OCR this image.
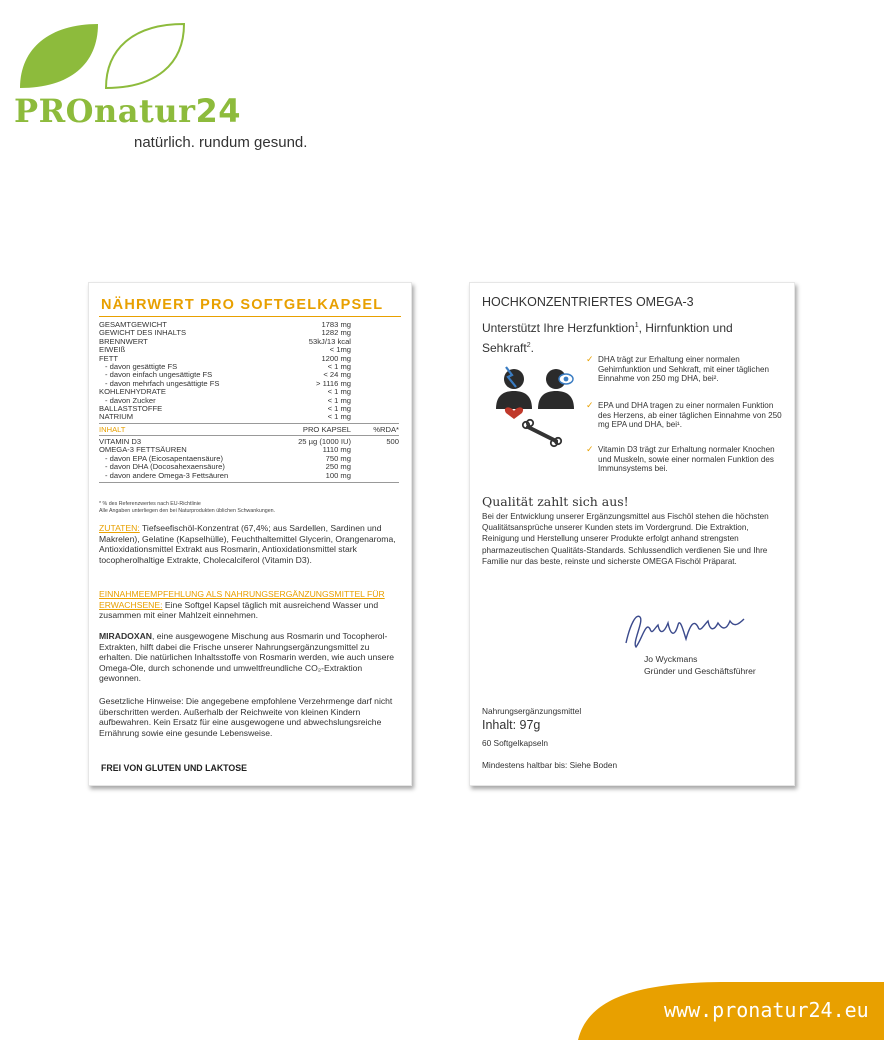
PROnatur24
natürlich. rundum gesund.
NÄHRWERT PRO SOFTGELKAPSEL
GESAMTGEWICHT	1783 mg
GEWICHT DES INHALTS	1282 mg
BRENNWERT	53kJ/13 kcal
EIWEIß	< 1mg
FETT	1200 mg
- davon gesättigte FS	< 1 mg
- davon einfach ungesättigte FS	< 24 mg
- davon mehrfach ungesättigte FS	> 1116 mg
KOHLENHYDRATE	< 1 mg
- davon Zucker	< 1 mg
BALLASTSTOFFE	< 1 mg
NATRIUM	< 1 mg
INHALT	PRO KAPSEL	%RDA*
VITAMIN D3	25 µg (1000 IU)	500
OMEGA-3 FETTSÄUREN	1110 mg
- davon EPA (Eicosapentaensäure)	750 mg
- davon DHA (Docosahexaensäure)	250 mg
- davon andere Omega-3 Fettsäuren	100 mg
* % des Referenzwertes nach EU-Richtlinie
Alle Angaben unterliegen den bei Naturprodukten üblichen Schwankungen.
ZUTATEN: Tiefseefischöl-Konzentrat (67,4%; aus Sardellen, Sardinen und Makrelen), Gelatine (Kapselhülle), Feuchthaltemittel Glycerin, Orangenaroma, Antioxidationsmittel Extrakt aus Rosmarin, Antioxidationsmittel stark tocopherolhaltige Extrakte, Cholecalciferol (Vitamin D3).
EINNAHMEEMPFEHLUNG ALS NAHRUNGSERGÄNZUNGSMITTEL FÜR ERWACHSENE: Eine Softgel Kapsel täglich mit ausreichend Wasser und zusammen mit einer Mahlzeit einnehmen.
MIRADOXAN, eine ausgewogene Mischung aus Rosmarin und Tocopherol-Extrakten, hilft dabei die Frische unserer Nahrungsergänzungsmittel zu erhalten. Die natürlichen Inhaltsstoffe von Rosmarin werden, wie auch unsere Omega-Öle, durch schonende und umweltfreundliche CO₂-Extraktion gewonnen.
Gesetzliche Hinweise: Die angegebene empfohlene Verzehrmenge darf nicht überschritten werden. Außerhalb der Reichweite von kleinen Kindern aufbewahren. Kein Ersatz für eine ausgewogene und abwechslungsreiche Ernährung sowie eine gesunde Lebensweise.
FREI VON GLUTEN UND LAKTOSE
HOCHKONZENTRIERTES OMEGA-3
Unterstützt Ihre Herzfunktion$^1$, Hirnfunktion und Sehkraft$^2$.
✓ DHA trägt zur Erhaltung einer normalen Gehirnfunktion und Sehkraft, mit einer täglichen Einnahme von 250 mg DHA, bei².
✓ EPA und DHA tragen zu einer normalen Funktion des Herzens, ab einer täglichen Einnahme von 250 mg EPA und DHA, bei¹.
✓ Vitamin D3 trägt zur Erhaltung normaler Knochen und Muskeln, sowie einer normalen Funktion des Immunsystems bei.
Qualität zahlt sich aus!
Bei der Entwicklung unserer Ergänzungsmittel aus Fischöl stehen die höchsten Qualitätsansprüche unserer Kunden stets im Vordergrund. Die Extraktion, Reinigung und Herstellung unserer Produkte erfolgt anhand strengsten pharmazeutischen Qualitäts-Standards. Schlussendlich verdienen Sie und Ihre Familie nur das beste, reinste und sicherste OMEGA Fischöl Präparat.
Jo Wyckmans
Gründer und Geschäftsführer
Nahrungsergänzungsmittel
Inhalt: 97g
60 Softgelkapseln
Mindestens haltbar bis: Siehe Boden
www.pronatur24.eu
